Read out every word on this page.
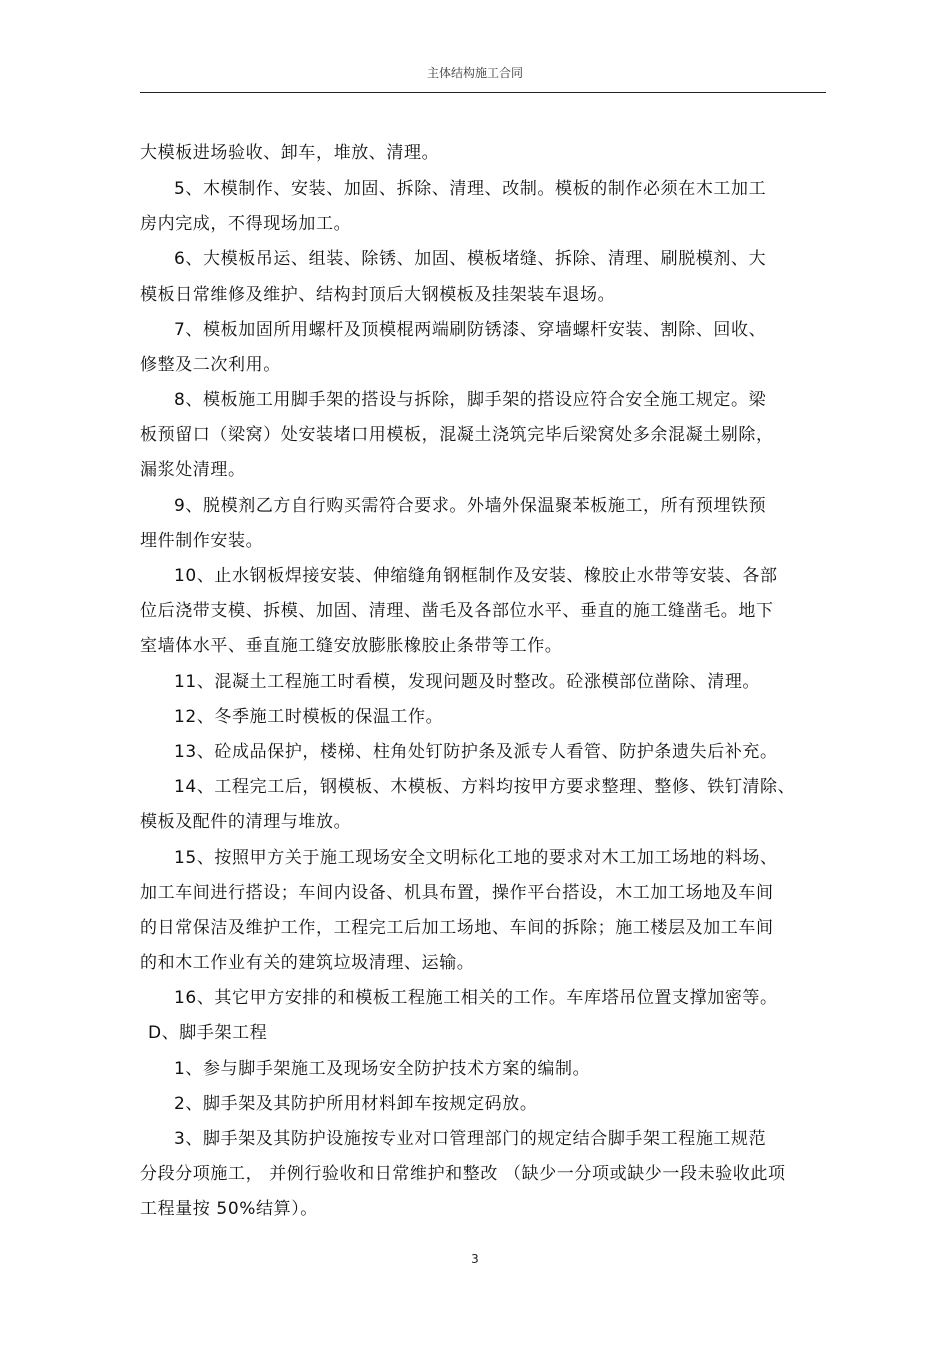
主体结构施工合同
大模板进场验收、卸车，堆放、清理。
5、木模制作、安装、加固、拆除、清理、改制。模板的制作必须在木工加工
房内完成，不得现场加工。
6、大模板吊运、组装、除锈、加固、模板堵缝、拆除、清理、刷脱模剂、大
模板日常维修及维护、结构封顶后大钢模板及挂架装车退场。
7、模板加固所用螺杆及顶模棍两端刷防锈漆、穿墙螺杆安装、割除、回收、
修整及二次利用。
8、模板施工用脚手架的搭设与拆除，脚手架的搭设应符合安全施工规定。梁
板预留口（梁窝）处安装堵口用模板，混凝土浇筑完毕后梁窝处多余混凝土剔除，
漏浆处清理。
9、脱模剂乙方自行购买需符合要求。外墙外保温聚苯板施工，所有预埋铁预
埋件制作安装。
10、止水钢板焊接安装、伸缩缝角钢框制作及安装、橡胶止水带等安装、各部
位后浇带支模、拆模、加固、清理、凿毛及各部位水平、垂直的施工缝凿毛。地下
室墙体水平、垂直施工缝安放膨胀橡胶止条带等工作。
11、混凝土工程施工时看模，发现问题及时整改。砼涨模部位凿除、清理。
12、冬季施工时模板的保温工作。
13、砼成品保护，楼梯、柱角处钉防护条及派专人看管、防护条遗失后补充。
14、工程完工后，钢模板、木模板、方料均按甲方要求整理、整修、铁钉清除、
模板及配件的清理与堆放。
15、按照甲方关于施工现场安全文明标化工地的要求对木工加工场地的料场、
加工车间进行搭设；车间内设备、机具布置，操作平台搭设，木工加工场地及车间
的日常保洁及维护工作，工程完工后加工场地、车间的拆除；施工楼层及加工车间
的和木工作业有关的建筑垃圾清理、运输。
16、其它甲方安排的和模板工程施工相关的工作。车库塔吊位置支撑加密等。
D、脚手架工程
1、参与脚手架施工及现场安全防护技术方案的编制。
2、脚手架及其防护所用材料卸车按规定码放。
3、脚手架及其防护设施按专业对口管理部门的规定结合脚手架工程施工规范
分段分项施工， 并例行验收和日常维护和整改 （缺少一分项或缺少一段未验收此项
工程量按 50%结算）。
3
